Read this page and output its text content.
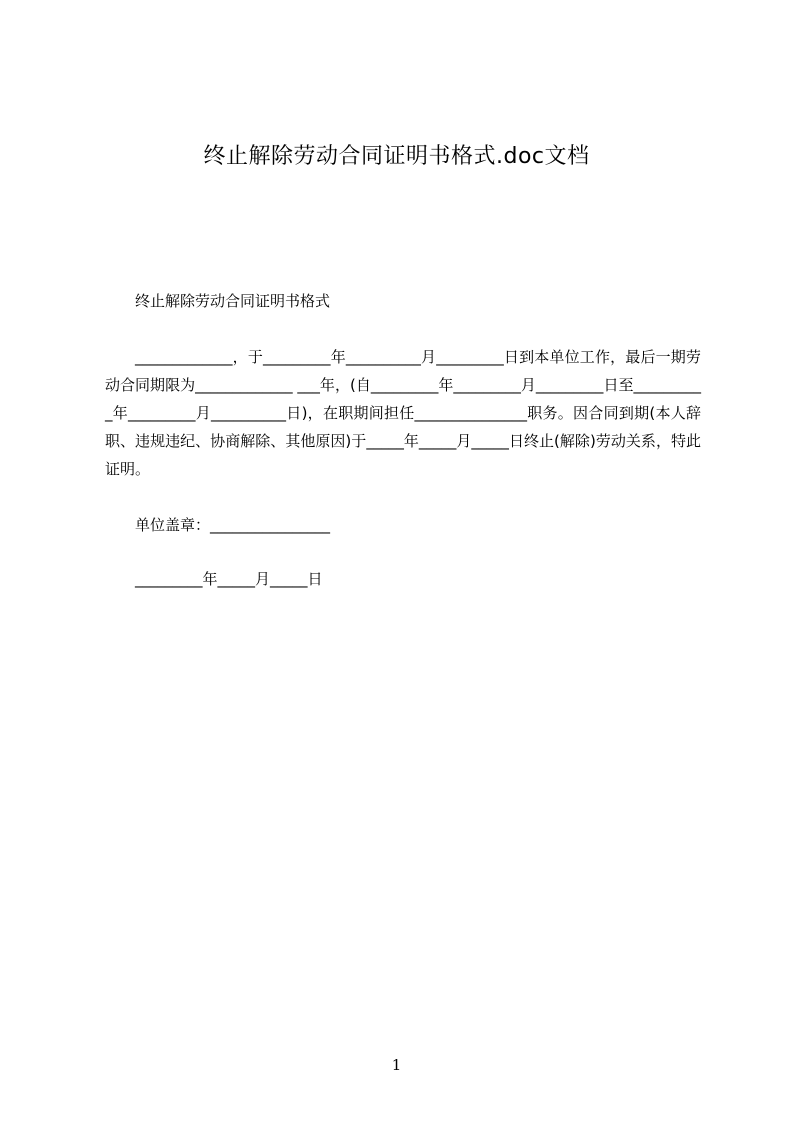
终止解除劳动合同证明书格式.doc文档

终止解除劳动合同证明书格式

_____________，于_________年__________月_________日到本单位工作，最后一期劳动合同期限为_____________ ___年，(自_________年_________月_________日至__________年_________月__________日)，在职期间担任_______________职务。因合同到期(本人辞职、违规违纪、协商解除、其他原因)于_____年_____月_____日终止(解除)劳动关系，特此证明。

单位盖章：________________

_________年_____月_____日

1
